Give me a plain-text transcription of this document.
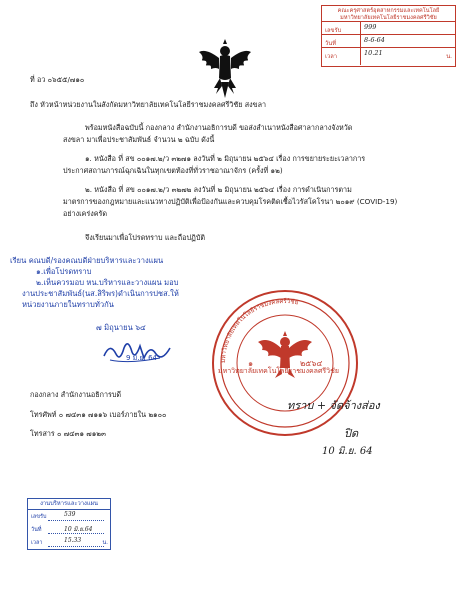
คณะครุศาสตร์อุตสาหกรรมและเทคโนโลยี
มหาวิทยาลัยเทคโนโลยีราชมงคลศรีวิชัย
เลขรับ	999
วันที่	8-6-64
เวลา	10.21	น.
ที่ อว ๐๖๕๕/๗๑๐
ถึง หัวหน้าหน่วยงานในสังกัดมหาวิทยาลัยเทคโนโลยีราชมงคลศรีวิชัย สงขลา
พร้อมหนังสือฉบับนี้ กองกลาง สำนักงานอธิการบดี ขอส่งสำเนาหนังสือศาลากลางจังหวัด
สงขลา มาเพื่อประชาสัมพันธ์ จำนวน ๒ ฉบับ ดังนี้
๑. หนังสือ ที่ สข ๐๐๑๗.๒/ว ๓๒๗๑ ลงวันที่ ๒ มิถุนายน ๒๕๖๔ เรื่อง การขยายระยะเวลาการ
ประกาศสถานการณ์ฉุกเฉินในทุกเขตท้องที่ทั่วราชอาณาจักร (ครั้งที่ ๑๒)
๒. หนังสือ ที่ สข ๐๐๑๗.๒/ว ๓๒๗๒ ลงวันที่ ๒ มิถุนายน ๒๕๖๔ เรื่อง การดำเนินการตาม
มาตรการของกฎหมายและแนวทางปฏิบัติเพื่อป้องกันและควบคุมโรคติดเชื้อไวรัสโคโรนา ๒๐๑๙ (COVID-19)
อย่างเคร่งครัด
จึงเรียนมาเพื่อโปรดทราบ และถือปฏิบัติ
เรียน คณบดี/รองคณบดีฝ่ายบริหารและวางแผน
๑.เพื่อโปรดทราบ
๒.เห็นควรมอบ หน.บริหารและวางแผน มอบ
งานประชาสัมพันธ์(นส.สิริพร)ดำเนินการปชส.ให้
หน่วยงานภายในทราบทั่วกัน
๗ มิถุนายน ๖๔
9 มิ.ย. 64	มหาวิทยาลัยเทคโนโลยีราชมงคลศรีวิชัย
๑	๒๕๖๔
มหาวิทยาลัยเทคโนโลยีราชมงคลศรีวิชัย
กองกลาง สำนักงานอธิการบดี
โทรศัพท์ ๐ ๗๔๓๑ ๗๑๑๖ เบอร์ภายใน ๒๑๐๐
โทรสาร ๐ ๗๔๓๑ ๗๑๒๓
ทราบ + จัดจ้างส่อง
ปิด
10 มิ.ย. 64
งานบริหารและวางแผน
เลขรับ	539
วันที่	10 มิ.ย.64
เวลา	15.33	น.
